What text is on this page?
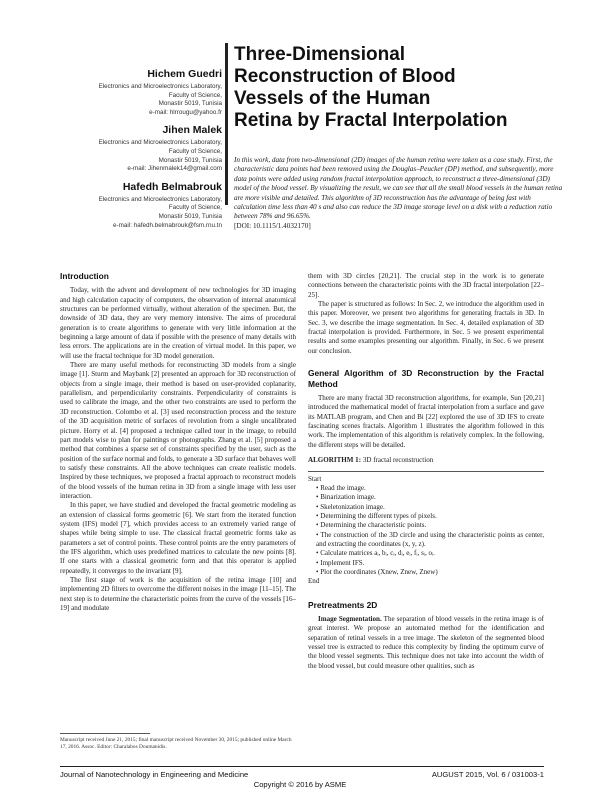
Hichem Guedri
Electronics and Microelectronics Laboratory,
Faculty of Science,
Monastir 5019, Tunisia
e-mail: hlrrougu@yahoo.fr
Jihen Malek
Electronics and Microelectronics Laboratory,
Faculty of Science,
Monastir 5019, Tunisia
e-mail: Jihenmalek14@gmail.com
Hafedh Belmabrouk
Electronics and Microelectronics Laboratory,
Faculty of Science,
Monastir 5019, Tunisia
e-mail: hafedh.belmabrouk@fsm.rnu.tn
Three-Dimensional
Reconstruction of Blood
Vessels of the Human
Retina by Fractal Interpolation
In this work, data from two-dimensional (2D) images of the human retina were taken as a case study. First, the characteristic data points had been removed using the Douglas–Peucker (DP) method, and subsequently, more data points were added using random fractal interpolation approach, to reconstruct a three-dimensional (3D) model of the blood vessel. By visualizing the result, we can see that all the small blood vessels in the human retina are more visible and detailed. This algorithm of 3D reconstruction has the advantage of being fast with calculation time less than 40 s and also can reduce the 3D image storage level on a disk with a reduction ratio between 78% and 96.65%.
[DOI: 10.1115/1.4032170]
Introduction

Today, with the advent and development of new technologies for 3D imaging and high calculation capacity of computers, the observation of internal anatomical structures can be performed virtually, without alteration of the specimen. But, the downside of 3D data, they are very memory intensive. The aims of procedural generation is to create algorithms to generate with very little information at the beginning a large amount of data if possible with the presence of many details with less errors. The applications are in the creation of virtual model. In this paper, we will use the fractal technique for 3D model generation.

There are many useful methods for reconstructing 3D models from a single image [1]. Sturm and Maybank [2] presented an approach for 3D reconstruction of objects from a single image, their method is based on user-provided coplanarity, parallelism, and perpendicularity constraints. Perpendicularity of constraints is used to calibrate the image, and the other two constraints are used to perform the 3D reconstruction. Colombo et al. [3] used reconstruction process and the texture of the 3D acquisition metric of surfaces of revolution from a single uncalibrated picture. Horry et al. [4] proposed a technique called tour in the image, to rebuild part models wise to plan for paintings or photographs. Zhang et al. [5] proposed a method that combines a sparse set of constraints specified by the user, such as the position of the surface normal and folds, to generate a 3D surface that behaves well to satisfy these constraints. All the above techniques can create realistic models. Inspired by these techniques, we proposed a fractal approach to reconstruct models of the blood vessels of the human retina in 3D from a single image with less user interaction.

In this paper, we have studied and developed the fractal geometric modeling as an extension of classical forms geometric [6]. We start from the iterated function system (IFS) model [7], which provides access to an extremely varied range of shapes while being simple to use. The classical fractal geometric forms take as parameters a set of control points. These control points are the entry parameters of the IFS algorithm, which uses predefined matrices to calculate the new points [8]. If one starts with a classical geometric form and that this operator is applied repeatedly, it converges to the invariant [9].

The first stage of work is the acquisition of the retina image [10] and implementing 2D filters to overcome the different noises in the image [11–15]. The next step is to determine the characteristic points from the curve of the vessels [16–19] and modulate

Manuscript received June 21, 2015; final manuscript received November 30, 2015; published online March 17, 2016. Assoc. Editor: Charalabos Doumanidis.

them with 3D circles [20,21]. The crucial step in the work is to generate connections between the characteristic points with the 3D fractal interpolation [22–25].

The paper is structured as follows: In Sec. 2, we introduce the algorithm used in this paper. Moreover, we present two algorithms for generating fractals in 3D. In Sec. 3, we describe the image segmentation. In Sec. 4, detailed explanation of 3D fractal interpolation is provided. Furthermore, in Sec. 5 we present experimental results and some examples presenting our algorithm. Finally, in Sec. 6 we present our conclusion.

General Algorithm of 3D Reconstruction by the Fractal Method

There are many fractal 3D reconstruction algorithms, for example, Sun [20,21] introduced the mathematical model of fractal interpolation from a surface and gave its MATLAB program, and Chen and Bi [22] explored the use of 3D IFS to create fascinating scenes fractals. Algorithm 1 illustrates the algorithm followed in this work. The implementation of this algorithm is relatively complex. In the following, the different steps will be detailed.

ALGORITHM 1: 3D fractal reconstruction
Start
• Read the image.
• Binarization image.
• Skeletonization image.
• Determining the different types of pixels.
• Determining the characteristic points.
• The construction of the 3D circle and using the characteristic points as center, and extracting the coordinates (x, y, z).
• Calculate matrices aᵢ, bᵢ, cᵢ, dᵢ, eᵢ, fᵢ, sᵢ, oᵢ.
• Implement IFS.
• Plot the coordinates (Xnew, Znew, Znew)
End
Pretreatments 2D

Image Segmentation. The separation of blood vessels in the retina image is of great interest. We propose an automated method for the identification and separation of retinal vessels in a tree image. The skeleton of the segmented blood vessel tree is extracted to reduce this complexity by finding the optimum curve of the blood vessel segments. This technique does not take into account the width of the blood vessel, but could measure other qualities, such as

Journal of Nanotechnology in Engineering and Medicine	AUGUST 2015, Vol. 6 / 031003-1
Copyright © 2016 by ASME
